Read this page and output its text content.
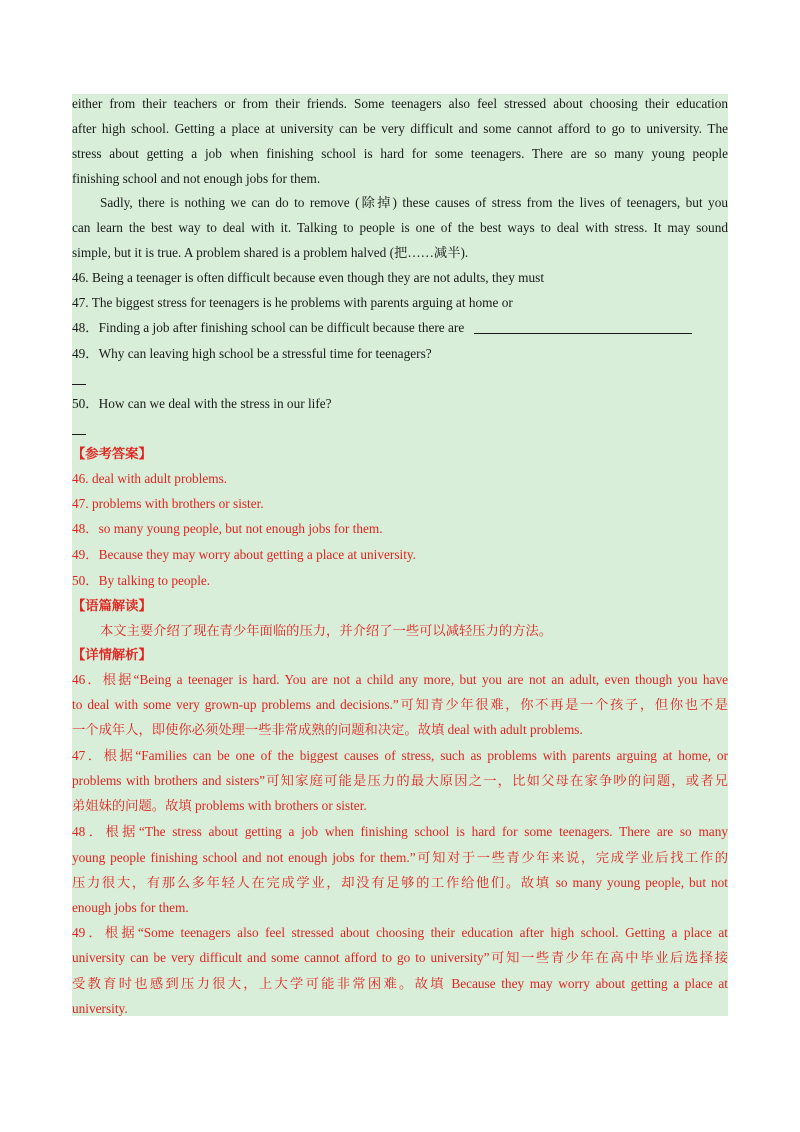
either from their teachers or from their friends. Some teenagers also feel stressed about choosing their education
after high school. Getting a place at university can be very difficult and some cannot afford to go to university. The
stress about getting a job when finishing school is hard for some teenagers. There are so many young people
finishing school and not enough jobs for them.
Sadly, there is nothing we can do to remove (除掉) these causes of stress from the lives of teenagers, but you
can learn the best way to deal with it. Talking to people is one of the best ways to deal with stress. It may sound
simple, but it is true. A problem shared is a problem halved (把……减半).
46. Being a teenager is often difficult because even though they are not adults, they must
47. The biggest stress for teenagers is he problems with parents arguing at home or
48．Finding a job after finishing school can be difficult because there are
49．Why can leaving high school be a stressful time for teenagers?
50．How can we deal with the stress in our life?
【参考答案】
46. deal with adult problems.
47. problems with brothers or sister.
48．so many young people, but not enough jobs for them.
49．Because they may worry about getting a place at university.
50．By talking to people.
【语篇解读】
本文主要介绍了现在青少年面临的压力，并介绍了一些可以减轻压力的方法。
【详情解析】
46．根据“Being a teenager is hard. You are not a child any more, but you are not an adult, even though you have
to deal with some very grown-up problems and decisions.”可知青少年很难，你不再是一个孩子，但你也不是
一个成年人，即使你必须处理一些非常成熟的问题和决定。故填 deal with adult problems.
47．根据“Families can be one of the biggest causes of stress, such as problems with parents arguing at home, or
problems with brothers and sisters”可知家庭可能是压力的最大原因之一，比如父母在家争吵的问题，或者兄
弟姐妹的问题。故填 problems with brothers or sister.
48．根据“The stress about getting a job when finishing school is hard for some teenagers. There are so many
young people finishing school and not enough jobs for them.”可知对于一些青少年来说，完成学业后找工作的
压力很大，有那么多年轻人在完成学业，却没有足够的工作给他们。故填 so many young people, but not
enough jobs for them.
49．根据“Some teenagers also feel stressed about choosing their education after high school. Getting a place at
university can be very difficult and some cannot afford to go to university”可知一些青少年在高中毕业后选择接
受教育时也感到压力很大，上大学可能非常困难。故填 Because they may worry about getting a place at
university.
